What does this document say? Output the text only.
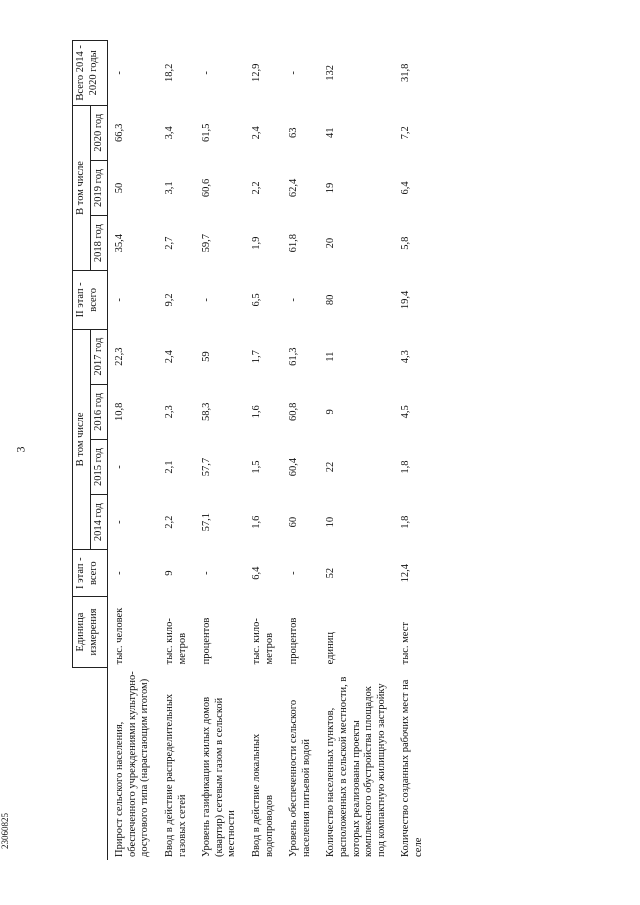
3
23060825
	Единица измерения	I этап - всего	В том числе				II этап - всего	В том числе			Всего 2014 - 2020 годы
			2014 год	2015 год	2016 год	2017 год		2018 год	2019 год	2020 год	
Прирост сельского населения, обеспеченного учреждениями культурно-досугового типа (нарастающим итогом)	тыс. человек	-	-	-	10,8	22,3	-	35,4	50	66,3	-
Ввод в действие распределительных газовых сетей	тыс. кило- метров	9	2,2	2,1	2,3	2,4	9,2	2,7	3,1	3,4	18,2
Уровень газификации жилых домов (квартир) сетевым газом в сельской местности	процентов	-	57,1	57,7	58,3	59	-	59,7	60,6	61,5	-
Ввод в действие локальных водопроводов	тыс. кило- метров	6,4	1,6	1,5	1,6	1,7	6,5	1,9	2,2	2,4	12,9
Уровень обеспеченности сельского населения питьевой водой	процентов	-	60	60,4	60,8	61,3	-	61,8	62,4	63	-
Количество населенных пунктов, расположенных в сельской местности, в которых реализованы проекты комплексного обустройства площадок под компактную жилищную застройку	единиц	52	10	22	9	11	80	20	19	41	132
Количество созданных рабочих мест на селе	тыс. мест	12,4	1,8	1,8	4,5	4,3	19,4	5,8	6,4	7,2	31,8
